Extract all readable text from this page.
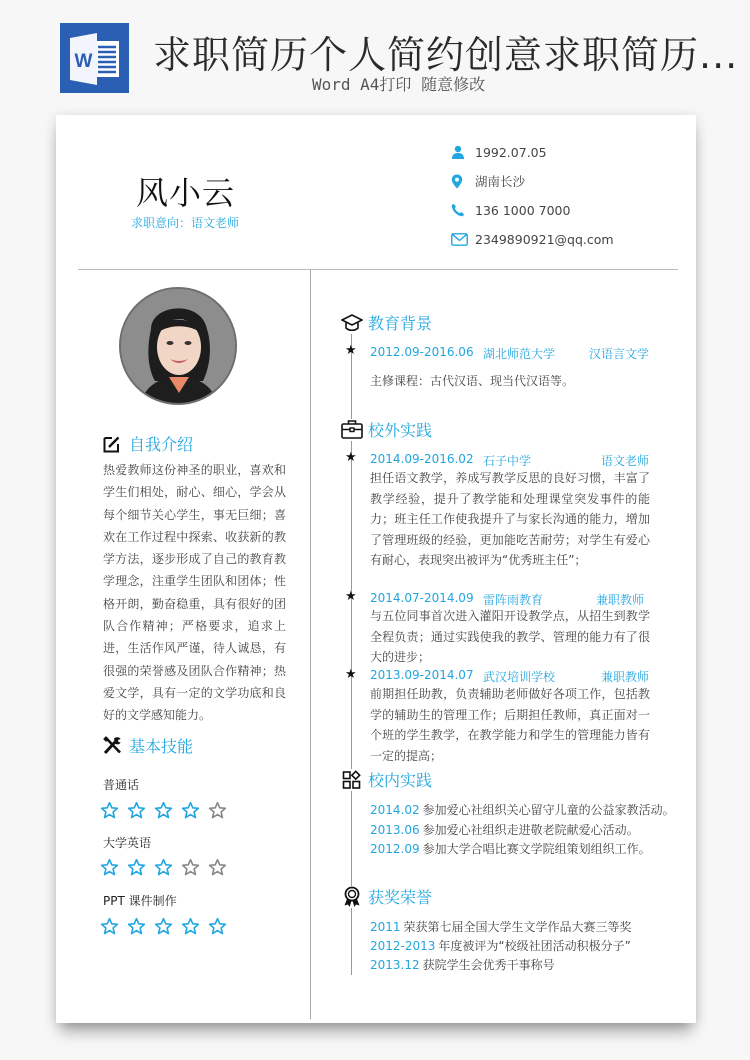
W 求职简历个人简约创意求职简历...
Word A4打印 随意修改
风小云
求职意向：语文老师
1992.07.05
湖南长沙
136 1000 7000
2349890921@qq.com
自我介绍
热爱教师这份神圣的职业，喜欢和学生们相处，耐心、细心，学会从每个细节关心学生，事无巨细；喜欢在工作过程中探索、收获新的教学方法，逐步形成了自己的教育教学理念，注重学生团队和团体；性格开朗，勤奋稳重，具有很好的团队合作精神；严格要求，追求上进，生活作风严谨，待人诚恳，有很强的荣誉感及团队合作精神；热爱文学，具有一定的文学功底和良好的文学感知能力。
基本技能
普通话
大学英语
PPT 课件制作
教育背景
★ 2012.09-2016.06 湖北师范大学	汉语言文学
主修课程：古代汉语、现当代汉语等。
校外实践
★ 2014.09-2016.02 石子中学	语文老师
担任语文教学，养成写教学反思的良好习惯，丰富了教学经验，提升了教学能和处理课堂突发事件的能力；班主任工作使我提升了与家长沟通的能力，增加了管理班级的经验，更加能吃苦耐劳；对学生有爱心有耐心，表现突出被评为“优秀班主任”；
★ 2014.07-2014.09 雷阵雨教育	兼职教师
与五位同事首次进入灌阳开设教学点，从招生到教学全程负责；通过实践使我的教学、管理的能力有了很大的进步；
★ 2013.09-2014.07 武汉培训学校	兼职教师
前期担任助教，负责辅助老师做好各项工作，包括教学的辅助生的管理工作；后期担任教师，真正面对一个班的学生教学，在教学能力和学生的管理能力皆有一定的提高；
校内实践
2014.02 参加爱心社组织关心留守儿童的公益家教活动。
2013.06 参加爱心社组织走进敬老院献爱心活动。
2012.09 参加大学合唱比赛文学院组策划组织工作。
获奖荣誉
2011 荣获第七届全国大学生文学作品大赛三等奖
2012-2013 年度被评为“校级社团活动积极分子”
2013.12 获院学生会优秀干事称号
